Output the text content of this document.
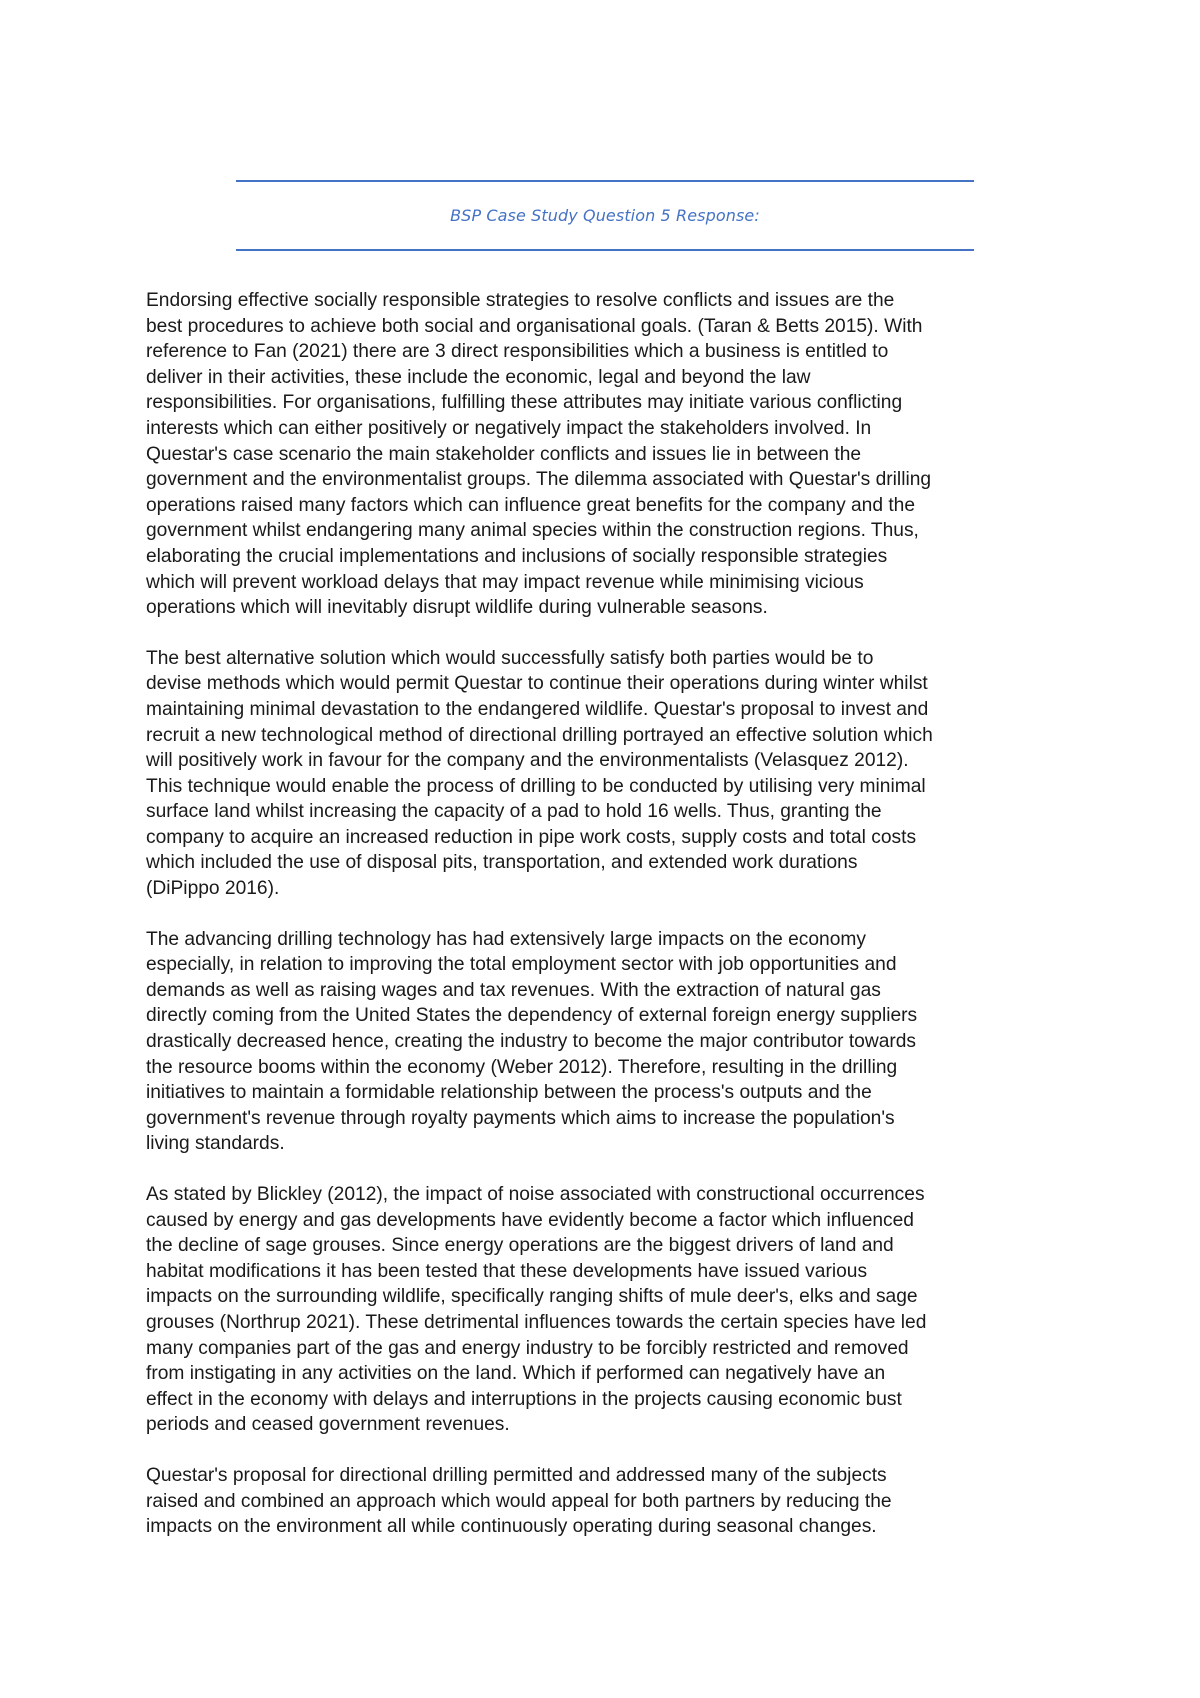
BSP Case Study Question 5 Response:

Endorsing effective socially responsible strategies to resolve conflicts and issues are the
best procedures to achieve both social and organisational goals. (Taran & Betts 2015). With
reference to Fan (2021) there are 3 direct responsibilities which a business is entitled to
deliver in their activities, these include the economic, legal and beyond the law
responsibilities. For organisations, fulfilling these attributes may initiate various conflicting
interests which can either positively or negatively impact the stakeholders involved. In
Questar's case scenario the main stakeholder conflicts and issues lie in between the
government and the environmentalist groups. The dilemma associated with Questar's drilling
operations raised many factors which can influence great benefits for the company and the
government whilst endangering many animal species within the construction regions. Thus,
elaborating the crucial implementations and inclusions of socially responsible strategies
which will prevent workload delays that may impact revenue while minimising vicious
operations which will inevitably disrupt wildlife during vulnerable seasons.

The best alternative solution which would successfully satisfy both parties would be to
devise methods which would permit Questar to continue their operations during winter whilst
maintaining minimal devastation to the endangered wildlife. Questar's proposal to invest and
recruit a new technological method of directional drilling portrayed an effective solution which
will positively work in favour for the company and the environmentalists (Velasquez 2012).
This technique would enable the process of drilling to be conducted by utilising very minimal
surface land whilst increasing the capacity of a pad to hold 16 wells. Thus, granting the
company to acquire an increased reduction in pipe work costs, supply costs and total costs
which included the use of disposal pits, transportation, and extended work durations
(DiPippo 2016).

The advancing drilling technology has had extensively large impacts on the economy
especially, in relation to improving the total employment sector with job opportunities and
demands as well as raising wages and tax revenues. With the extraction of natural gas
directly coming from the United States the dependency of external foreign energy suppliers
drastically decreased hence, creating the industry to become the major contributor towards
the resource booms within the economy (Weber 2012). Therefore, resulting in the drilling
initiatives to maintain a formidable relationship between the process's outputs and the
government's revenue through royalty payments which aims to increase the population's
living standards.

As stated by Blickley (2012), the impact of noise associated with constructional occurrences
caused by energy and gas developments have evidently become a factor which influenced
the decline of sage grouses. Since energy operations are the biggest drivers of land and
habitat modifications it has been tested that these developments have issued various
impacts on the surrounding wildlife, specifically ranging shifts of mule deer's, elks and sage
grouses (Northrup 2021). These detrimental influences towards the certain species have led
many companies part of the gas and energy industry to be forcibly restricted and removed
from instigating in any activities on the land. Which if performed can negatively have an
effect in the economy with delays and interruptions in the projects causing economic bust
periods and ceased government revenues.

Questar's proposal for directional drilling permitted and addressed many of the subjects
raised and combined an approach which would appeal for both partners by reducing the
impacts on the environment all while continuously operating during seasonal changes.
